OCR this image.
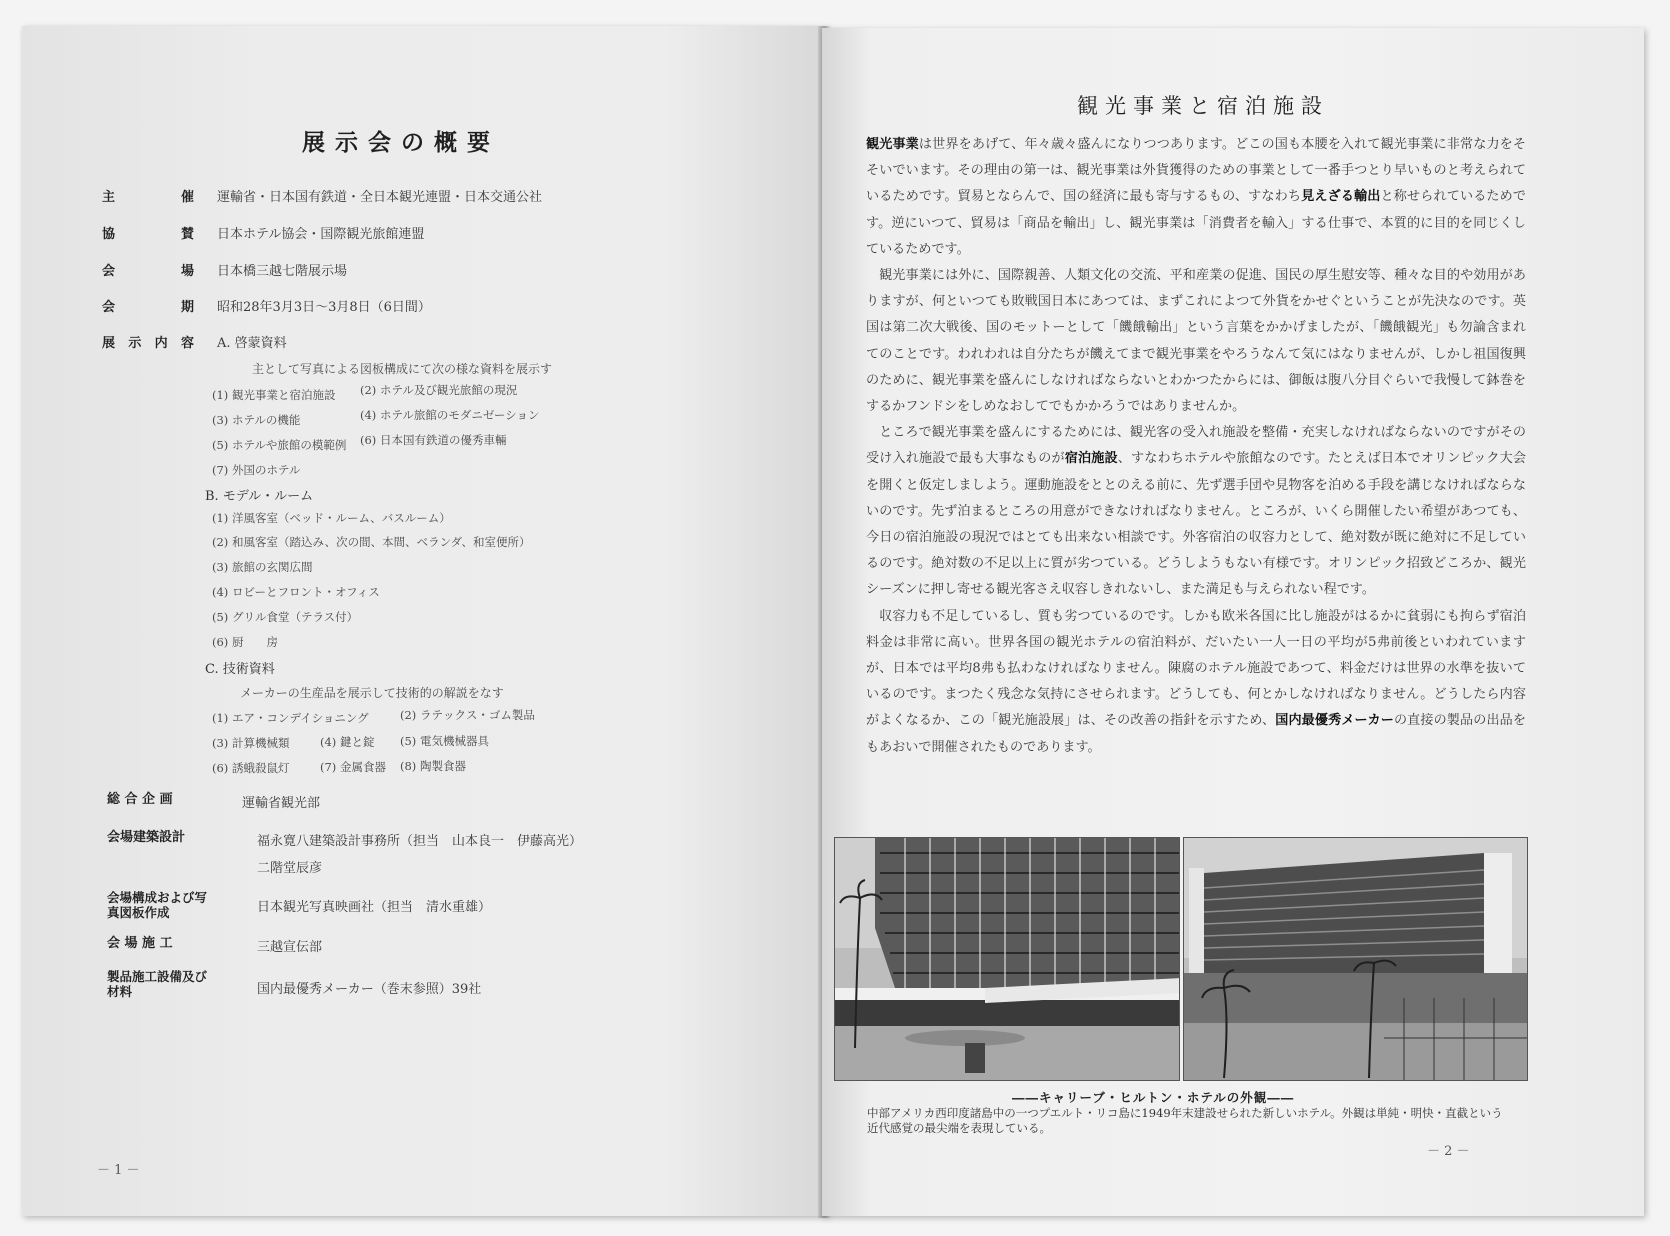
展示会の概要
主	催 運輸省・日本国有鉄道・全日本観光連盟・日本交通公社
協	賛 日本ホテル協会・国際観光旅館連盟
会	場 日本橋三越七階展示場
会	期 昭和28年3月3日～3月8日（6日間）
展 示 内 容 A. 啓蒙資料
主として写真による図板構成にて次の様な資料を展示す
(1) 観光事業と宿泊施設 (2) ホテル及び観光旅館の現況
(3) ホテルの機能	(4) ホテル旅館のモダニゼーション
(5) ホテルや旅館の模範例 (6) 日本国有鉄道の優秀車輛
(7) 外国のホテル
B. モデル・ルーム
(1) 洋風客室（ベッド・ルーム、バスルーム）
(2) 和風客室（踏込み、次の間、本間、ベランダ、和室便所）
(3) 旅館の玄関広間
(4) ロビーとフロント・オフィス
(5) グリル食堂（テラス付）
(6) 厨　　房
C. 技術資料
メーカーの生産品を展示して技術的の解説をなす
(1) エア・コンデイショニング	(2) ラテックス・ゴム製品
(3) 計算機械類	(4) 鍵と錠 (5) 電気機械器具
(6) 誘蛾殺鼠灯	(7) 金属食器 (8) 陶製食器
総 合 企 画	運輸省観光部
会場建築設計	福永寛八建築設計事務所（担当　山本良一　伊藤高光）
二階堂辰彦
会場構成および写真図板作成	日本観光写真映画社（担当　清水重雄）
会 場 施 工	三越宣伝部
製品施工設備及び材料	国内最優秀メーカー（巻末参照）39社
－ 1 －
観光事業と宿泊施設

観光事業は世界をあげて、年々歳々盛んになりつつあります。どこの国も本腰を入れて観光事業に非常な力をそそいでいます。その理由の第一は、観光事業は外貨獲得のための事業として一番手つとり早いものと考えられているためです。貿易とならんで、国の経済に最も寄与するもの、すなわち見えざる輸出と称せられているためです。逆にいつて、貿易は「商品を輸出」し、観光事業は「消費者を輸入」する仕事で、本質的に目的を同じくしているためです。

観光事業には外に、国際親善、人類文化の交流、平和産業の促進、国民の厚生慰安等、種々な目的や効用がありますが、何といつても敗戦国日本にあつては、まずこれによつて外貨をかせぐということが先決なのです。英国は第二次大戦後、国のモットーとして「饑餓輸出」という言葉をかかげましたが、「饑餓観光」も勿論含まれてのことです。われわれは自分たちが饑えてまで観光事業をやろうなんて気にはなりませんが、しかし祖国復興のために、観光事業を盛んにしなければならないとわかつたからには、御飯は腹八分目ぐらいで我慢して鉢巻をするかフンドシをしめなおしてでもかかろうではありませんか。

ところで観光事業を盛んにするためには、観光客の受入れ施設を整備・充実しなければならないのですがその受け入れ施設で最も大事なものが宿泊施設、すなわちホテルや旅館なのです。たとえば日本でオリンピック大会を開くと仮定しましよう。運動施設をととのえる前に、先ず選手団や見物客を泊める手段を講じなければならないのです。先ず泊まるところの用意ができなければなりません。ところが、いくら開催したい希望があつても、今日の宿泊施設の現況ではとても出来ない相談です。外客宿泊の収容力として、絶対数が既に絶対に不足しているのです。絶対数の不足以上に質が劣つている。どうしようもない有様です。オリンピック招致どころか、観光シーズンに押し寄せる観光客さえ収容しきれないし、また満足も与えられない程です。

収容力も不足しているし、質も劣つているのです。しかも欧米各国に比し施設がはるかに貧弱にも拘らず宿泊料金は非常に高い。世界各国の観光ホテルの宿泊料が、だいたい一人一日の平均が5弗前後といわれていますが、日本では平均8弗も払わなければなりません。陳腐のホテル施設であつて、料金だけは世界の水準を抜いているのです。まつたく残念な気持にさせられます。どうしても、何とかしなければなりません。どうしたら内容がよくなるか、この「観光施設展」は、その改善の指針を示すため、国内最優秀メーカーの直接の製品の出品をもあおいで開催されたものであります。

――キャリーブ・ヒルトン・ホテルの外観――
中部アメリカ西印度諸島中の一つプエルト・リコ島に1949年末建設せられた新しいホテル。外観は単純・明快・直截という近代感覚の最尖端を表現している。
－ 2 －
